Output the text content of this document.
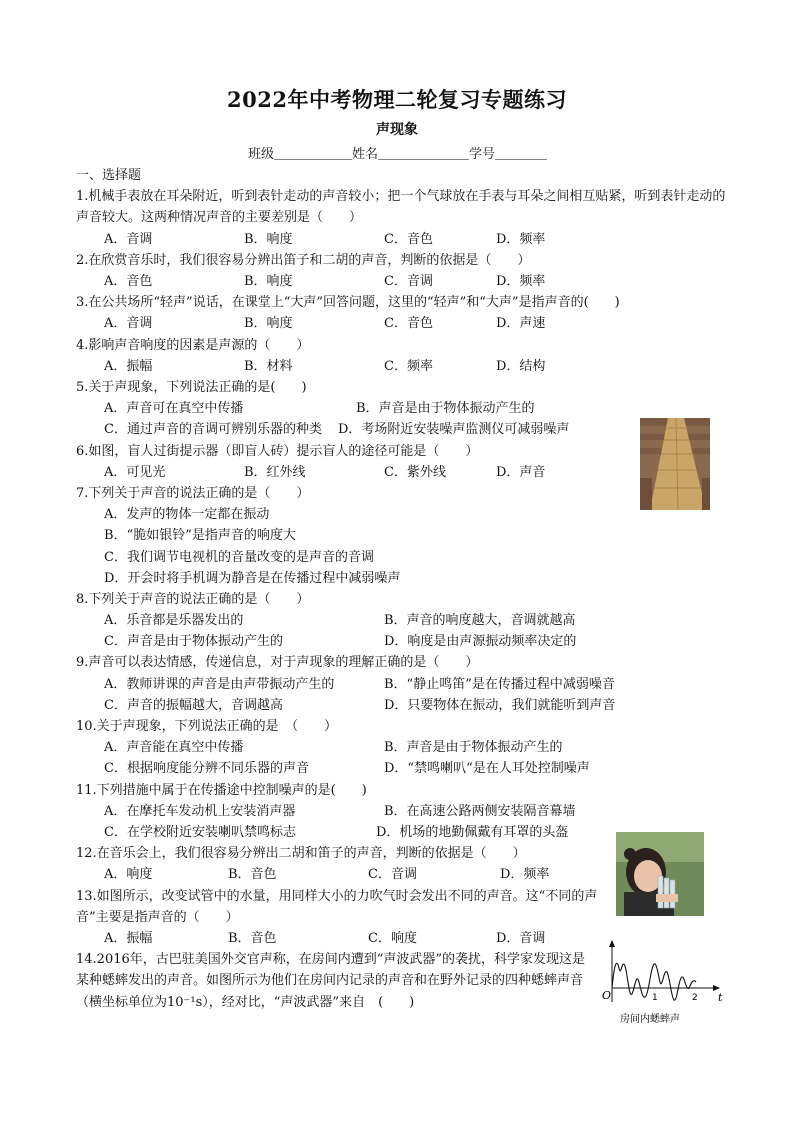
2022年中考物理二轮复习专题练习
声现象
班级＿＿＿＿＿＿姓名＿＿＿＿＿＿＿学号＿＿＿＿
一、选择题
1.机械手表放在耳朵附近，听到表针走动的声音较小；把一个气球放在手表与耳朵之间相互贴紧，听到表针走动的声音较大。这两种情况声音的主要差别是（　　）
A．音调	B．响度	C．音色	D．频率
2.在欣赏音乐时，我们很容易分辨出笛子和二胡的声音，判断的依据是（　　）
A．音色	B．响度	C．音调	D．频率
3.在公共场所“轻声”说话，在课堂上“大声”回答问题，这里的“轻声”和“大声”是指声音的(　　)
A．音调	B．响度	C．音色	D．声速
4.影响声音响度的因素是声源的（　　）
A．振幅	B．材料	C．频率	D．结构
5.关于声现象，下列说法正确的是(　　)
A．声音可在真空中传播	B．声音是由于物体振动产生的
C．通过声音的音调可辨别乐器的种类 D．考场附近安装噪声监测仪可减弱噪声
6.如图，盲人过街提示器（即盲人砖）提示盲人的途径可能是（　　）
A．可见光	B．红外线	C．紫外线	D．声音
7.下列关于声音的说法正确的是（　　）
A．发声的物体一定都在振动
B．“脆如银铃”是指声音的响度大
C．我们调节电视机的音量改变的是声音的音调
D．开会时将手机调为静音是在传播过程中减弱噪声
8.下列关于声音的说法正确的是（　　）
A．乐音都是乐器发出的	B．声音的响度越大，音调就越高
C．声音是由于物体振动产生的	D．响度是由声源振动频率决定的
9.声音可以表达情感，传递信息，对于声现象的理解正确的是（　　）
A．教师讲课的声音是由声带振动产生的	B．“静止鸣笛”是在传播过程中减弱噪音
C．声音的振幅越大，音调越高	D．只要物体在振动，我们就能听到声音
10.关于声现象，下列说法正确的是　（　　）
A．声音能在真空中传播	B．声音是由于物体振动产生的
C．根据响度能分辨不同乐器的声音	D．“禁鸣喇叭“是在人耳处控制噪声
11.下列措施中属于在传播途中控制噪声的是(　　)
A．在摩托车发动机上安装消声器	B．在高速公路两侧安装隔音幕墙
C．在学校附近安装喇叭禁鸣标志	D．机场的地勤佩戴有耳罩的头盔
12.在音乐会上，我们很容易分辨出二胡和笛子的声音，判断的依据是（　　）
A．响度	B．音色	C．音调	D．频率
13.如图所示，改变试管中的水量，用同样大小的力吹气时会发出不同的声音。这“不同的声音”主要是指声音的（　　）
A．振幅	B．音色	C．响度	D．音调
14.2016年，古巴驻美国外交官声称，在房间内遭到“声波武器”的袭扰，科学家发现这是某种蟋蟀发出的声音。如图所示为他们在房间内记录的声音和在野外记录的四种蟋蟀声音（横坐标单位为10⁻¹s），经对比，“声波武器”来自　(　　)	O	t
1	2
房间内蟋蟀声
